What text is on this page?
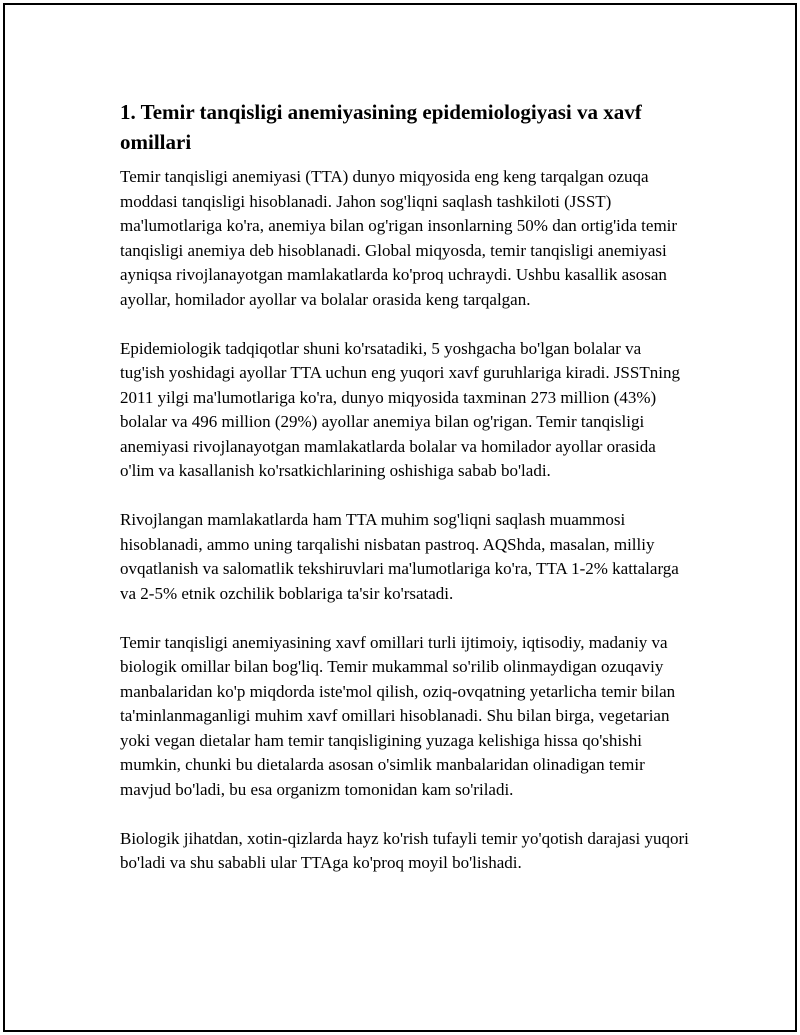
1. Temir tanqisligi anemiyasining epidemiologiyasi va xavf omillari

Temir tanqisligi anemiyasi (TTA) dunyo miqyosida eng keng tarqalgan ozuqa moddasi tanqisligi hisoblanadi. Jahon sog'liqni saqlash tashkiloti (JSST) ma'lumotlariga ko'ra, anemiya bilan og'rigan insonlarning 50% dan ortig'ida temir tanqisligi anemiya deb hisoblanadi. Global miqyosda, temir tanqisligi anemiyasi ayniqsa rivojlanayotgan mamlakatlarda ko'proq uchraydi. Ushbu kasallik asosan ayollar, homilador ayollar va bolalar orasida keng tarqalgan.

Epidemiologik tadqiqotlar shuni ko'rsatadiki, 5 yoshgacha bo'lgan bolalar va tug'ish yoshidagi ayollar TTA uchun eng yuqori xavf guruhlariga kiradi. JSSTning 2011 yilgi ma'lumotlariga ko'ra, dunyo miqyosida taxminan 273 million (43%) bolalar va 496 million (29%) ayollar anemiya bilan og'rigan. Temir tanqisligi anemiyasi rivojlanayotgan mamlakatlarda bolalar va homilador ayollar orasida o'lim va kasallanish ko'rsatkichlarining oshishiga sabab bo'ladi.

Rivojlangan mamlakatlarda ham TTA muhim sog'liqni saqlash muammosi hisoblanadi, ammo uning tarqalishi nisbatan pastroq. AQShda, masalan, milliy ovqatlanish va salomatlik tekshiruvlari ma'lumotlariga ko'ra, TTA 1-2% kattalarga va 2-5% etnik ozchilik boblariga ta'sir ko'rsatadi.

Temir tanqisligi anemiyasining xavf omillari turli ijtimoiy, iqtisodiy, madaniy va biologik omillar bilan bog'liq. Temir mukammal so'rilib olinmaydigan ozuqaviy manbalaridan ko'p miqdorda iste'mol qilish, oziq-ovqatning yetarlicha temir bilan ta'minlanmaganligi muhim xavf omillari hisoblanadi. Shu bilan birga, vegetarian yoki vegan dietalar ham temir tanqisligining yuzaga kelishiga hissa qo'shishi mumkin, chunki bu dietalarda asosan o'simlik manbalaridan olinadigan temir mavjud bo'ladi, bu esa organizm tomonidan kam so'riladi.

Biologik jihatdan, xotin-qizlarda hayz ko'rish tufayli temir yo'qotish darajasi yuqori bo'ladi va shu sababli ular TTAga ko'proq moyil bo'lishadi.
